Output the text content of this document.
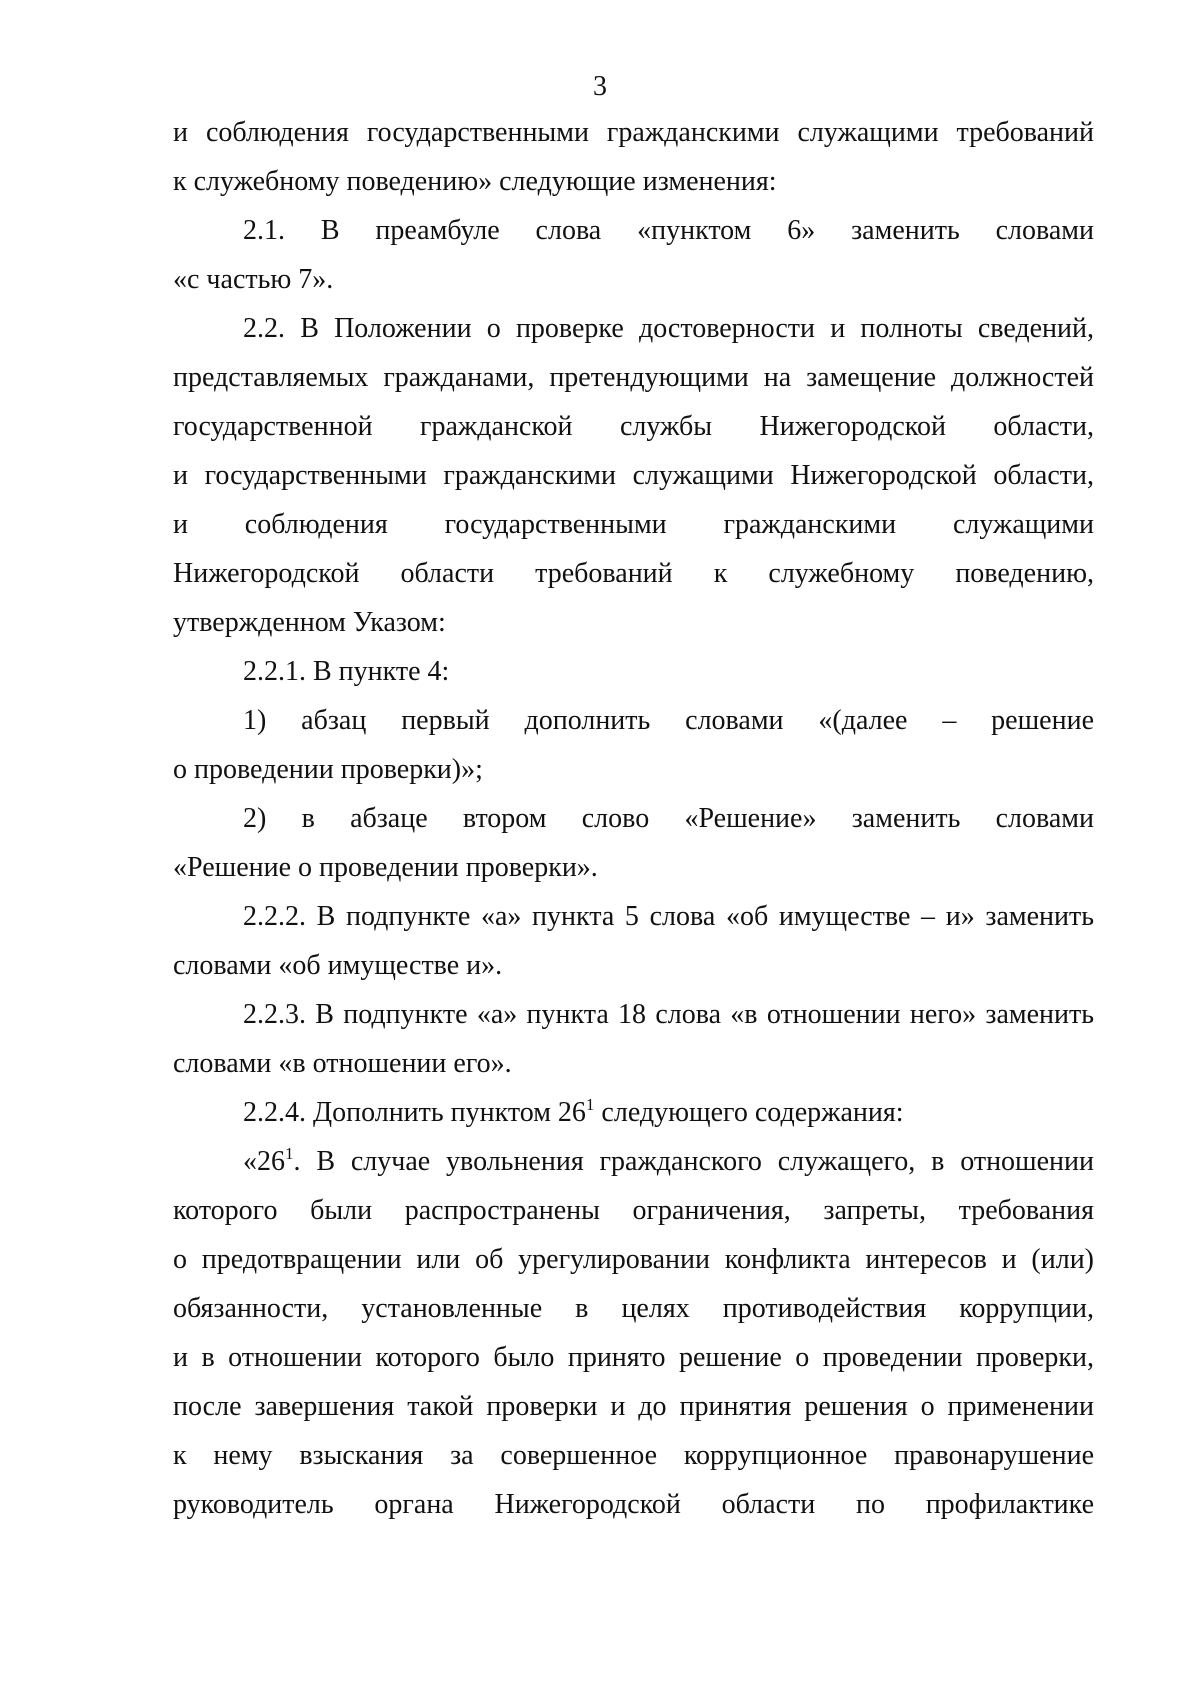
3
и соблюдения государственными гражданскими служащими требований
к служебному поведению» следующие изменения:
2.1. В преамбуле слова «пунктом 6» заменить словами
«с частью 7».
2.2. В Положении о проверке достоверности и полноты сведений,
представляемых гражданами, претендующими на замещение должностей
государственной гражданской службы Нижегородской области,
и государственными гражданскими служащими Нижегородской области,
и соблюдения государственными гражданскими служащими
Нижегородской области требований к служебному поведению,
утвержденном Указом:
2.2.1. В пункте 4:
1) абзац первый дополнить словами «(далее – решение
о проведении проверки)»;
2) в абзаце втором слово «Решение» заменить словами
«Решение о проведении проверки».
2.2.2. В подпункте «а» пункта 5 слова «об имуществе – и» заменить
словами «об имуществе и».
2.2.3. В подпункте «а» пункта 18 слова «в отношении него» заменить
словами «в отношении его».
2.2.4. Дополнить пунктом $26^1$ следующего содержания:
«$26^1$. В случае увольнения гражданского служащего, в отношении
которого были распространены ограничения, запреты, требования
о предотвращении или об урегулировании конфликта интересов и (или)
обязанности, установленные в целях противодействия коррупции,
и в отношении которого было принято решение о проведении проверки,
после завершения такой проверки и до принятия решения о применении
к нему взыскания за совершенное коррупционное правонарушение
руководитель органа Нижегородской области по профилактике
